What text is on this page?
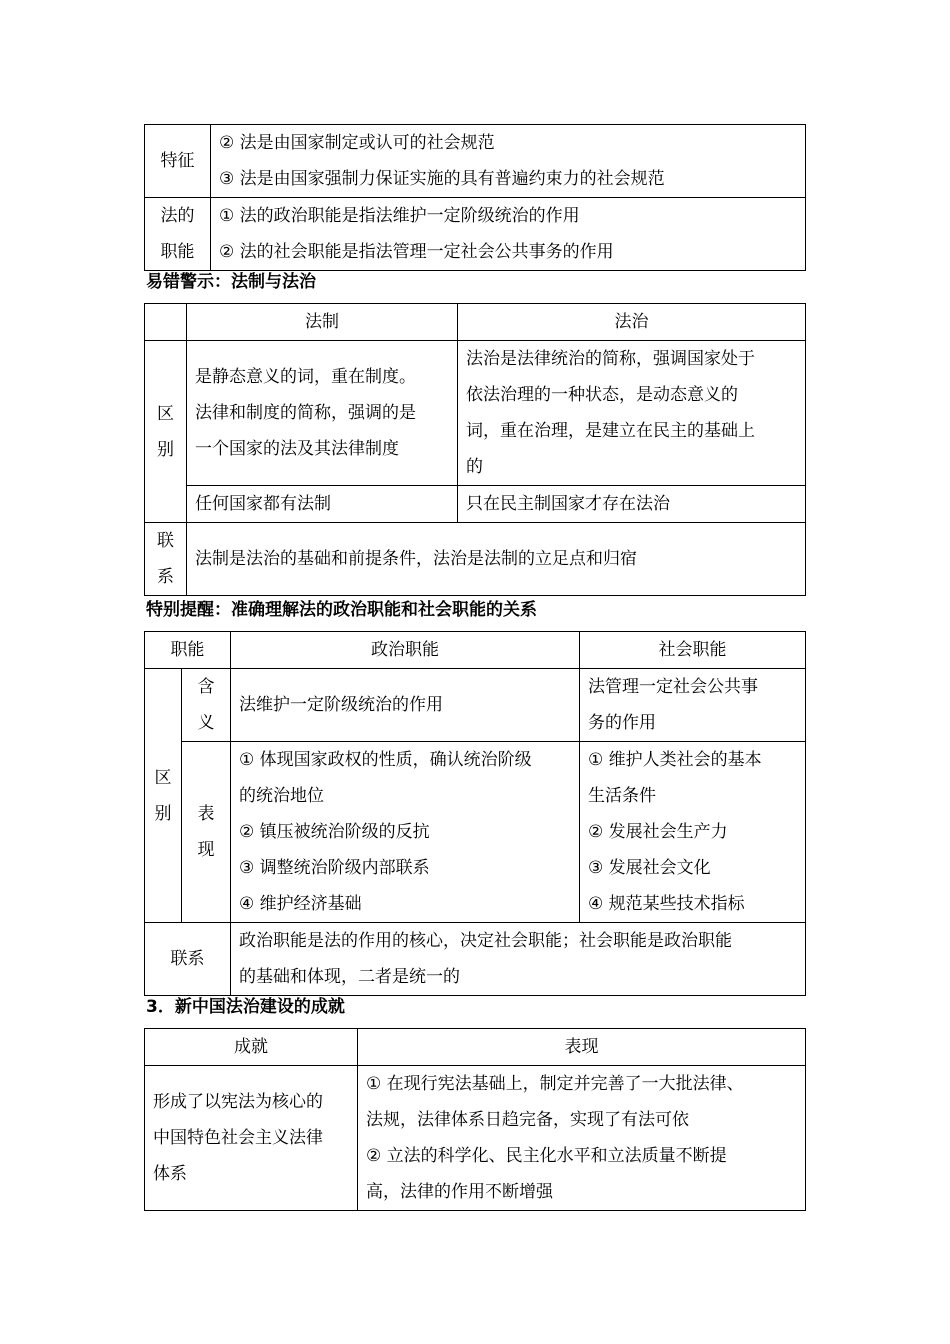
特征	② 法是由国家制定或认可的社会规范
③ 法是由国家强制力保证实施的具有普遍约束力的社会规范

法的
职能	① 法的政治职能是指法维护一定阶级统治的作用
② 法的社会职能是指法管理一定社会公共事务的作用
易错警示：法制与法治
	法制	法治

区
别	是静态意义的词，重在制度。
法律和制度的简称，强调的是
一个国家的法及其法律制度	法治是法律统治的简称，强调国家处于
依法治理的一种状态，是动态意义的
词，重在治理，是建立在民主的基础上
的

	任何国家都有法制	只在民主制国家才存在法治

联
系	法制是法治的基础和前提条件，法治是法制的立足点和归宿	
特别提醒：准确理解法的政治职能和社会职能的关系
职能		政治职能	社会职能

区
别	含
义	法维护一定阶级统治的作用	法管理一定社会公共事
务的作用

	表
现	① 体现国家政权的性质，确认统治阶级
的统治地位
② 镇压被统治阶级的反抗
③ 调整统治阶级内部联系
④ 维护经济基础	① 维护人类社会的基本
生活条件
② 发展社会生产力
③ 发展社会文化
④ 规范某些技术指标

联系		政治职能是法的作用的核心，决定社会职能；社会职能是政治职能
的基础和体现，二者是统一的	
3．新中国法治建设的成就
成就	表现

形成了以宪法为核心的
中国特色社会主义法律
体系	① 在现行宪法基础上，制定并完善了一大批法律、
法规，法律体系日趋完备，实现了有法可依
② 立法的科学化、民主化水平和立法质量不断提
高，法律的作用不断增强
